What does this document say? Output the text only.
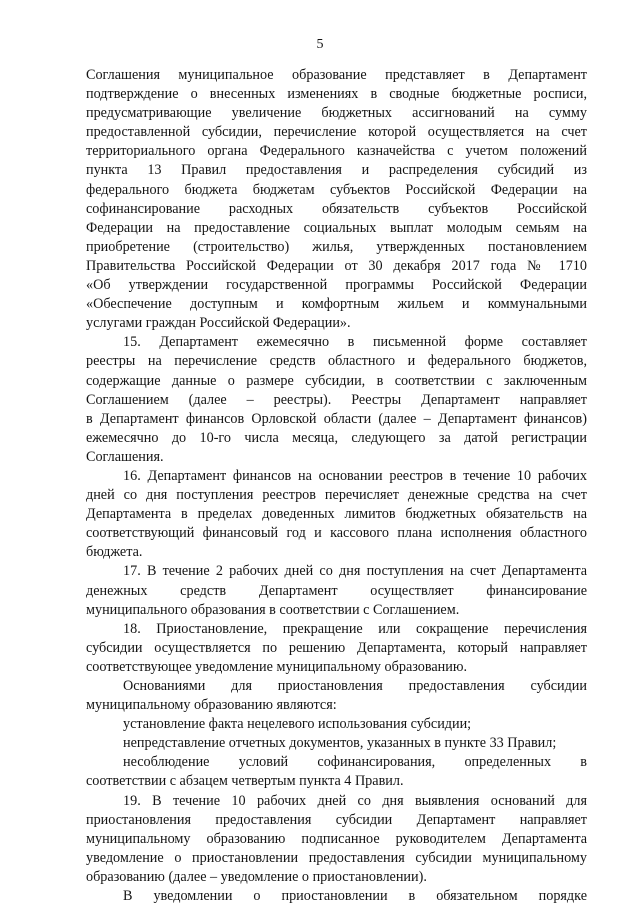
5
Соглашения муниципальное образование представляет в Департамент
подтверждение о внесенных изменениях в сводные бюджетные росписи,
предусматривающие увеличение бюджетных ассигнований на сумму
предоставленной субсидии, перечисление которой осуществляется на счет
территориального органа Федерального казначейства с учетом положений
пункта 13 Правил предоставления и распределения субсидий из
федерального бюджета бюджетам субъектов Российской Федерации на
софинансирование расходных обязательств субъектов Российской
Федерации на предоставление социальных выплат молодым семьям на
приобретение (строительство) жилья, утвержденных постановлением
Правительства Российской Федерации от 30 декабря 2017 года № 1710
«Об утверждении государственной программы Российской Федерации
«Обеспечение доступным и комфортным жильем и коммунальными
услугами граждан Российской Федерации».
15. Департамент ежемесячно в письменной форме составляет
реестры на перечисление средств областного и федерального бюджетов,
содержащие данные о размере субсидии, в соответствии с заключенным
Соглашением (далее – реестры). Реестры Департамент направляет
в Департамент финансов Орловской области (далее – Департамент финансов)
ежемесячно до 10-го числа месяца, следующего за датой регистрации
Соглашения.
16. Департамент финансов на основании реестров в течение 10 рабочих
дней со дня поступления реестров перечисляет денежные средства на счет
Департамента в пределах доведенных лимитов бюджетных обязательств на
соответствующий финансовый год и кассового плана исполнения областного
бюджета.
17. В течение 2 рабочих дней со дня поступления на счет Департамента
денежных средств Департамент осуществляет финансирование
муниципального образования в соответствии с Соглашением.
18. Приостановление, прекращение или сокращение перечисления
субсидии осуществляется по решению Департамента, который направляет
соответствующее уведомление муниципальному образованию.
Основаниями для приостановления предоставления субсидии
муниципальному образованию являются:
установление факта нецелевого использования субсидии;
непредставление отчетных документов, указанных в пункте 33 Правил;
несоблюдение условий софинансирования, определенных в
соответствии с абзацем четвертым пункта 4 Правил.
19. В течение 10 рабочих дней со дня выявления оснований для
приостановления предоставления субсидии Департамент направляет
муниципальному образованию подписанное руководителем Департамента
уведомление о приостановлении предоставления субсидии муниципальному
образованию (далее – уведомление о приостановлении).
В уведомлении о приостановлении в обязательном порядке
